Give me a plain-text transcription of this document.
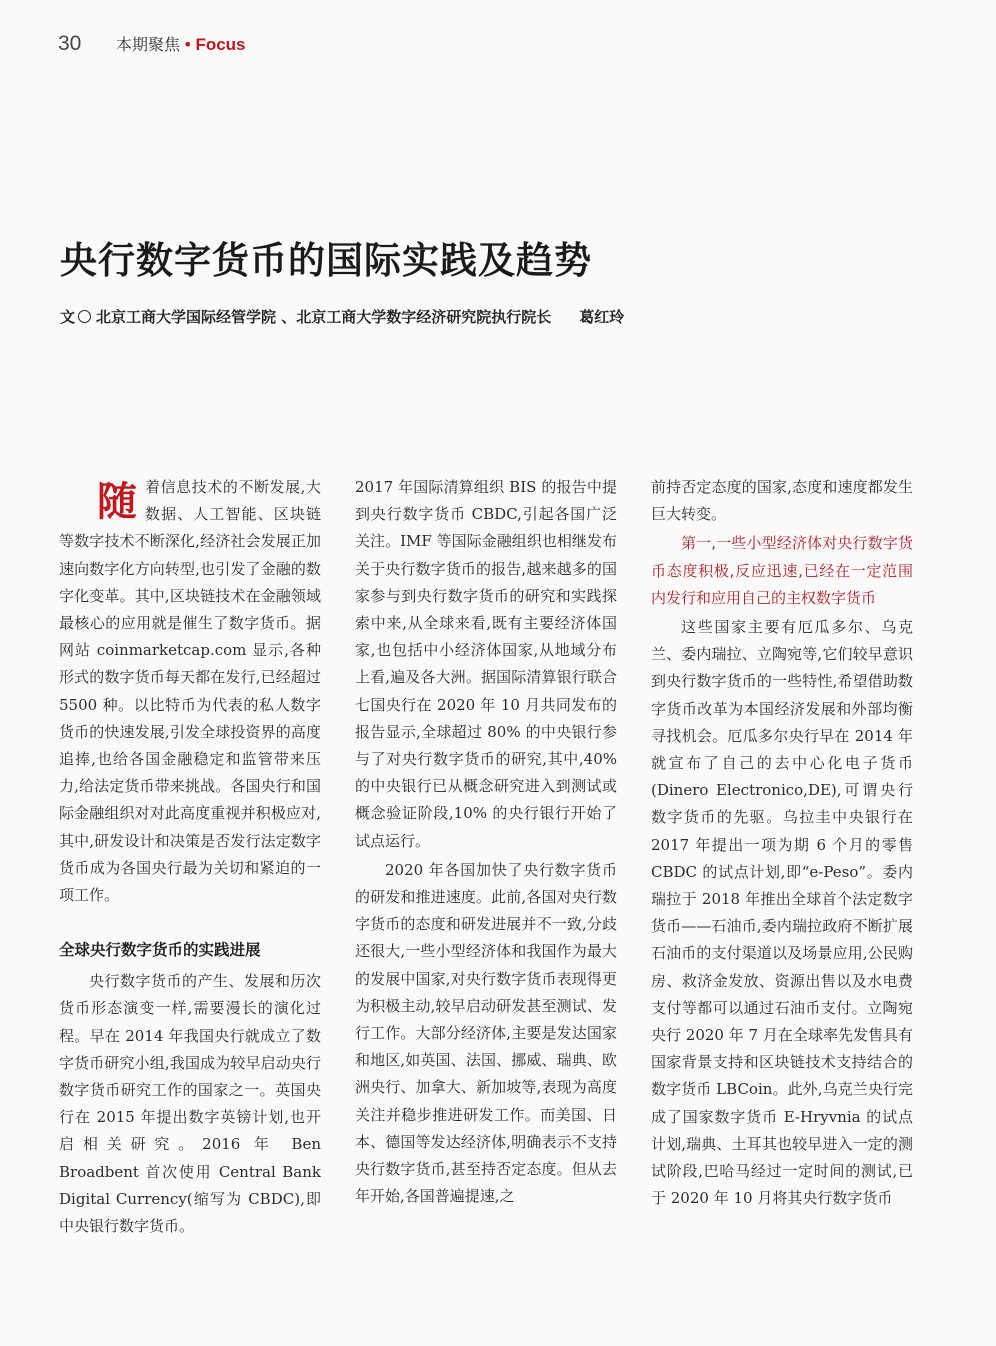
30	本期聚焦 • Focus
央行数字货币的国际实践及趋势
文 北京工商大学国际经管学院 、北京工商大学数字经济研究院执行院长 葛红玲

随着信息技术的不断发展,大数据、人工智能、区块链等数字技术不断深化,经济社会发展正加速向数字化方向转型,也引发了金融的数字化变革。其中,区块链技术在金融领域最核心的应用就是催生了数字货币。据网站 coinmarketcap.com 显示,各种形式的数字货币每天都在发行,已经超过 5500 种。以比特币为代表的私人数字货币的快速发展,引发全球投资界的高度追捧,也给各国金融稳定和监管带来压力,给法定货币带来挑战。各国央行和国际金融组织对对此高度重视并积极应对,其中,研发设计和决策是否发行法定数字货币成为各国央行最为关切和紧迫的一项工作。

全球央行数字货币的实践进展

央行数字货币的产生、发展和历次货币形态演变一样,需要漫长的演化过程。早在 2014 年我国央行就成立了数字货币研究小组,我国成为较早启动央行数字货币研究工作的国家之一。英国央行在 2015 年提出数字英镑计划,也开启相关研究。2016 年 Ben Broadbent 首次使用 Central Bank Digital Currency(缩写为 CBDC),即中央银行数字货币。

2017 年国际清算组织 BIS 的报告中提到央行数字货币 CBDC,引起各国广泛关注。IMF 等国际金融组织也相继发布关于央行数字货币的报告,越来越多的国家参与到央行数字货币的研究和实践探索中来,从全球来看,既有主要经济体国家,也包括中小经济体国家,从地域分布上看,遍及各大洲。据国际清算银行联合七国央行在 2020 年 10 月共同发布的报告显示,全球超过 80% 的中央银行参与了对央行数字货币的研究,其中,40% 的中央银行已从概念研究进入到测试或概念验证阶段,10% 的央行银行开始了试点运行。

2020 年各国加快了央行数字货币的研发和推进速度。此前,各国对央行数字货币的态度和研发进展并不一致,分歧还很大,一些小型经济体和我国作为最大的发展中国家,对央行数字货币表现得更为积极主动,较早启动研发甚至测试、发行工作。大部分经济体,主要是发达国家和地区,如英国、法国、挪威、瑞典、欧洲央行、加拿大、新加坡等,表现为高度关注并稳步推进研发工作。而美国、日本、德国等发达经济体,明确表示不支持央行数字货币,甚至持否定态度。但从去年开始,各国普遍提速,之

前持否定态度的国家,态度和速度都发生巨大转变。

第一,一些小型经济体对央行数字货币态度积极,反应迅速,已经在一定范围内发行和应用自己的主权数字货币

这些国家主要有厄瓜多尔、乌克兰、委内瑞拉、立陶宛等,它们较早意识到央行数字货币的一些特性,希望借助数字货币改革为本国经济发展和外部均衡寻找机会。厄瓜多尔央行早在 2014 年就宣布了自己的去中心化电子货币(Dinero Electronico,DE),可谓央行数字货币的先驱。乌拉圭中央银行在 2017 年提出一项为期 6 个月的零售 CBDC 的试点计划,即“e-Peso”。委内瑞拉于 2018 年推出全球首个法定数字货币——石油币,委内瑞拉政府不断扩展石油币的支付渠道以及场景应用,公民购房、救济金发放、资源出售以及水电费支付等都可以通过石油币支付。立陶宛央行 2020 年 7 月在全球率先发售具有国家背景支持和区块链技术支持结合的数字货币 LBCoin。此外,乌克兰央行完成了国家数字货币 E-Hryvnia 的试点计划,瑞典、土耳其也较早进入一定的测试阶段,巴哈马经过一定时间的测试,已于 2020 年 10 月将其央行数字货币
